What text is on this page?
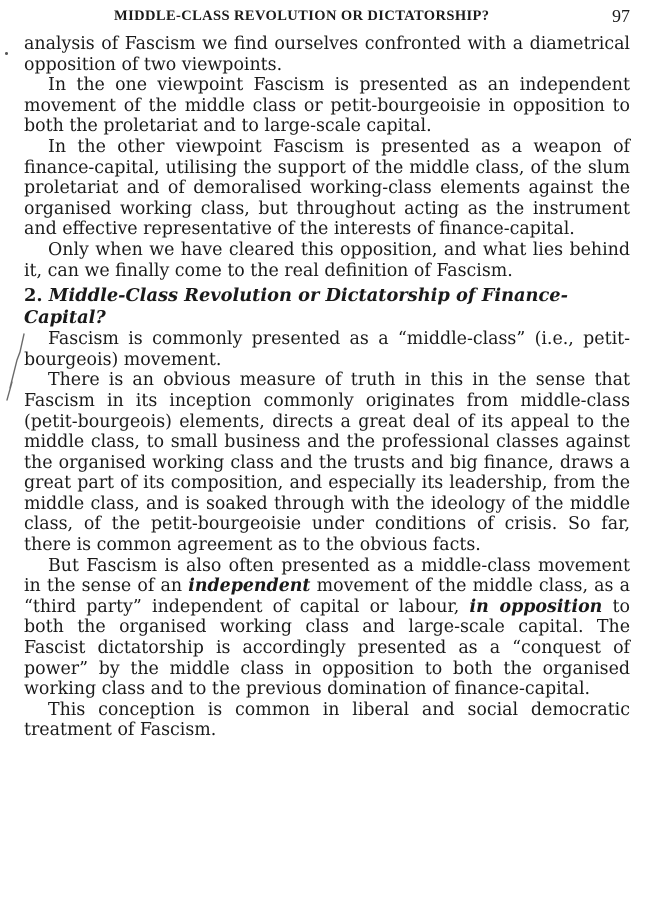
MIDDLE-CLASS REVOLUTION OR DICTATORSHIP?	97

analysis of Fascism we find ourselves confronted with a diametrical opposition of two viewpoints.

In the one viewpoint Fascism is presented as an independent movement of the middle class or petit-bourgeoisie in opposition to both the proletariat and to large-scale capital.

In the other viewpoint Fascism is presented as a weapon of finance-capital, utilising the support of the middle class, of the slum proletariat and of demoralised working-class elements against the organised working class, but throughout acting as the instrument and effective representative of the interests of finance-capital.

Only when we have cleared this opposition, and what lies behind it, can we finally come to the real definition of Fascism.

2. Middle-Class Revolution or Dictatorship of Finance-Capital?

Fascism is commonly presented as a “middle-class” (i.e., petit-bourgeois) movement.

There is an obvious measure of truth in this in the sense that Fascism in its inception commonly originates from middle-class (petit-bourgeois) elements, directs a great deal of its appeal to the middle class, to small business and the professional classes against the organised working class and the trusts and big finance, draws a great part of its composition, and especially its leadership, from the middle class, and is soaked through with the ideology of the middle class, of the petit-bourgeoisie under conditions of crisis. So far, there is common agreement as to the obvious facts.

But Fascism is also often presented as a middle-class movement in the sense of an independent movement of the middle class, as a “third party” independent of capital or labour, in opposition to both the organised working class and large-scale capital. The Fascist dictatorship is accordingly presented as a “conquest of power” by the middle class in opposition to both the organised working class and to the previous domination of finance-capital.

This conception is common in liberal and social democratic treatment of Fascism.
